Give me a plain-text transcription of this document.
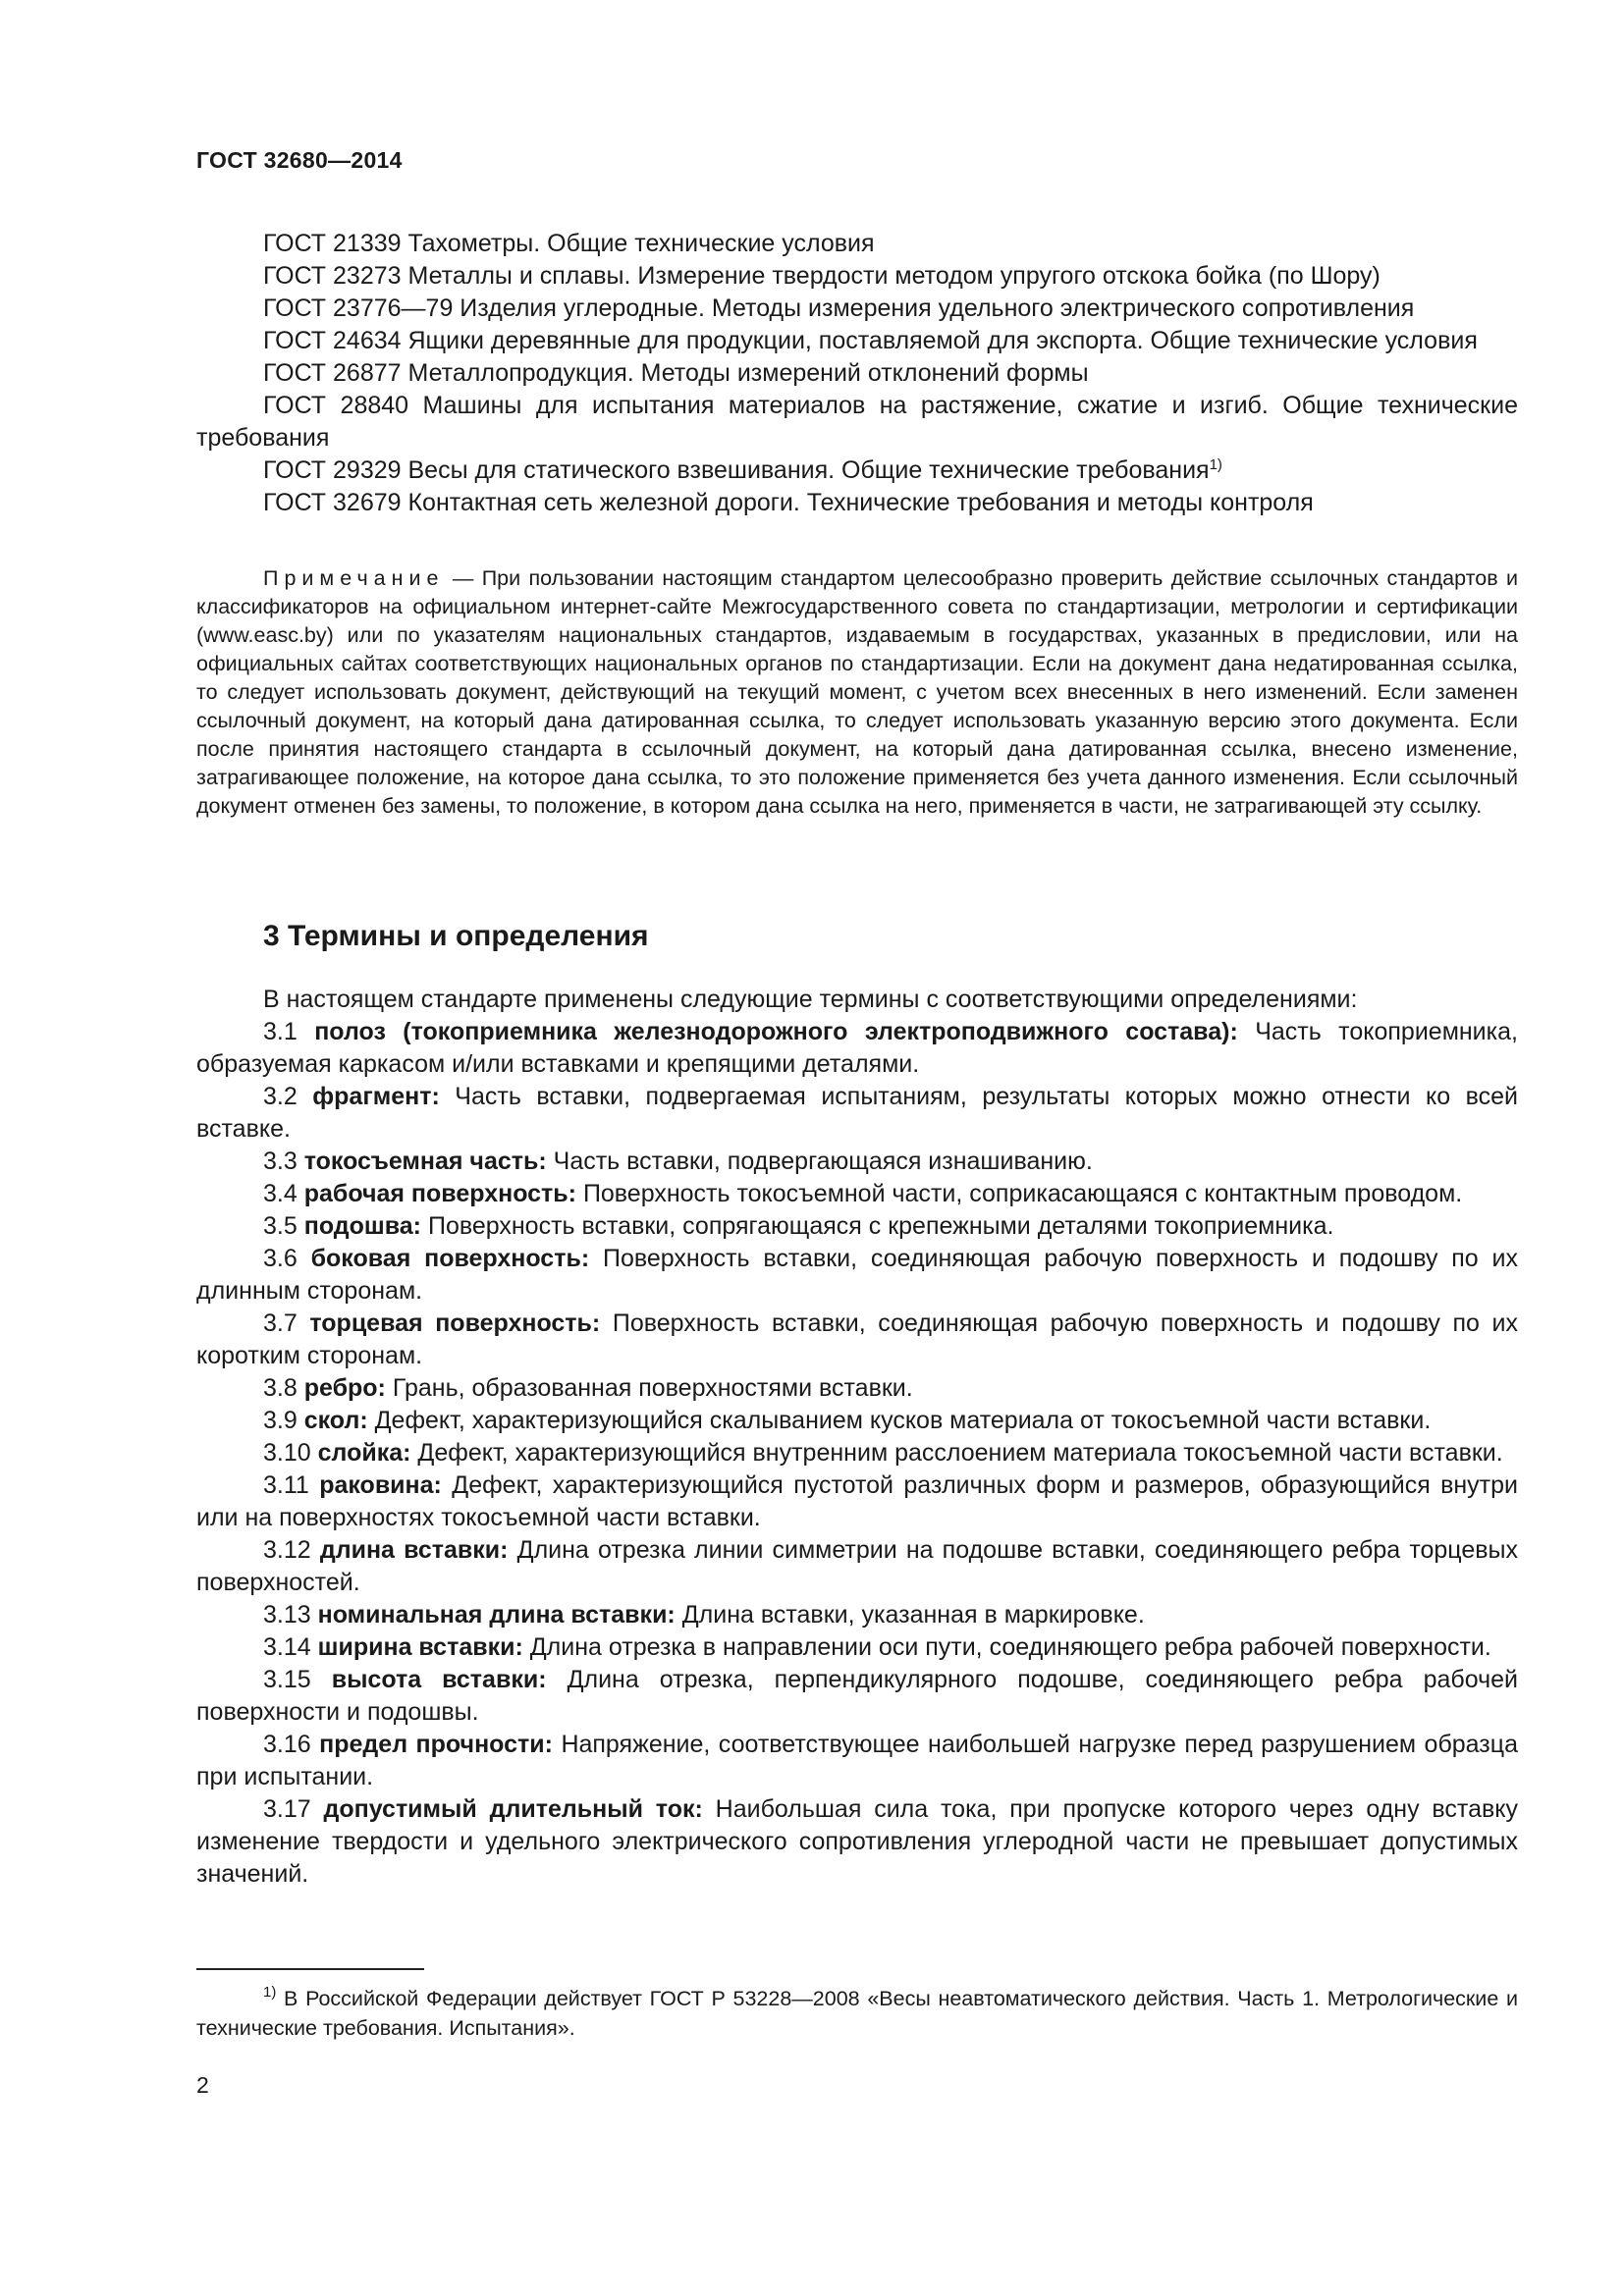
ГОСТ 32680—2014

ГОСТ 21339 Тахометры. Общие технические условия

ГОСТ 23273 Металлы и сплавы. Измерение твердости методом упругого отскока бойка (по Шору)

ГОСТ 23776—79 Изделия углеродные. Методы измерения удельного электрического сопротивления

ГОСТ 24634 Ящики деревянные для продукции, поставляемой для экспорта. Общие технические условия

ГОСТ 26877 Металлопродукция. Методы измерений отклонений формы

ГОСТ 28840 Машины для испытания материалов на растяжение, сжатие и изгиб. Общие технические требования

ГОСТ 29329 Весы для статического взвешивания. Общие технические требования$^{1)}$

ГОСТ 32679 Контактная сеть железной дороги. Технические требования и методы контроля

Примечание — При пользовании настоящим стандартом целесообразно проверить действие ссылочных стандартов и классификаторов на официальном интернет-сайте Межгосударственного совета по стандартизации, метрологии и сертификации (www.easc.by) или по указателям национальных стандартов, издаваемым в государствах, указанных в предисловии, или на официальных сайтах соответствующих национальных органов по стандартизации. Если на документ дана недатированная ссылка, то следует использовать документ, действующий на текущий момент, с учетом всех внесенных в него изменений. Если заменен ссылочный документ, на который дана датированная ссылка, то следует использовать указанную версию этого документа. Если после принятия настоящего стандарта в ссылочный документ, на который дана датированная ссылка, внесено изменение, затрагивающее положение, на которое дана ссылка, то это положение применяется без учета данного изменения. Если ссылочный документ отменен без замены, то положение, в котором дана ссылка на него, применяется в части, не затрагивающей эту ссылку.

3 Термины и определения

В настоящем стандарте применены следующие термины с соответствующими определениями:

3.1 полоз (токоприемника железнодорожного электроподвижного состава): Часть токоприемника, образуемая каркасом и/или вставками и крепящими деталями.

3.2 фрагмент: Часть вставки, подвергаемая испытаниям, результаты которых можно отнести ко всей вставке.

3.3 токосъемная часть: Часть вставки, подвергающаяся изнашиванию.

3.4 рабочая поверхность: Поверхность токосъемной части, соприкасающаяся с контактным проводом.

3.5 подошва: Поверхность вставки, сопрягающаяся с крепежными деталями токоприемника.

3.6 боковая поверхность: Поверхность вставки, соединяющая рабочую поверхность и подошву по их длинным сторонам.

3.7 торцевая поверхность: Поверхность вставки, соединяющая рабочую поверхность и подошву по их коротким сторонам.

3.8 ребро: Грань, образованная поверхностями вставки.

3.9 скол: Дефект, характеризующийся скалыванием кусков материала от токосъемной части вставки.

3.10 слойка: Дефект, характеризующийся внутренним расслоением материала токосъемной части вставки.

3.11 раковина: Дефект, характеризующийся пустотой различных форм и размеров, образующийся внутри или на поверхностях токосъемной части вставки.

3.12 длина вставки: Длина отрезка линии симметрии на подошве вставки, соединяющего ребра торцевых поверхностей.

3.13 номинальная длина вставки: Длина вставки, указанная в маркировке.

3.14 ширина вставки: Длина отрезка в направлении оси пути, соединяющего ребра рабочей поверхности.

3.15 высота вставки: Длина отрезка, перпендикулярного подошве, соединяющего ребра рабочей поверхности и подошвы.

3.16 предел прочности: Напряжение, соответствующее наибольшей нагрузке перед разрушением образца при испытании.

3.17 допустимый длительный ток: Наибольшая сила тока, при пропуске которого через одну вставку изменение твердости и удельного электрического сопротивления углеродной части не превышает допустимых значений.

$^{1)}$ В Российской Федерации действует ГОСТ Р 53228—2008 «Весы неавтоматического действия. Часть 1. Метрологические и технические требования. Испытания».

2
